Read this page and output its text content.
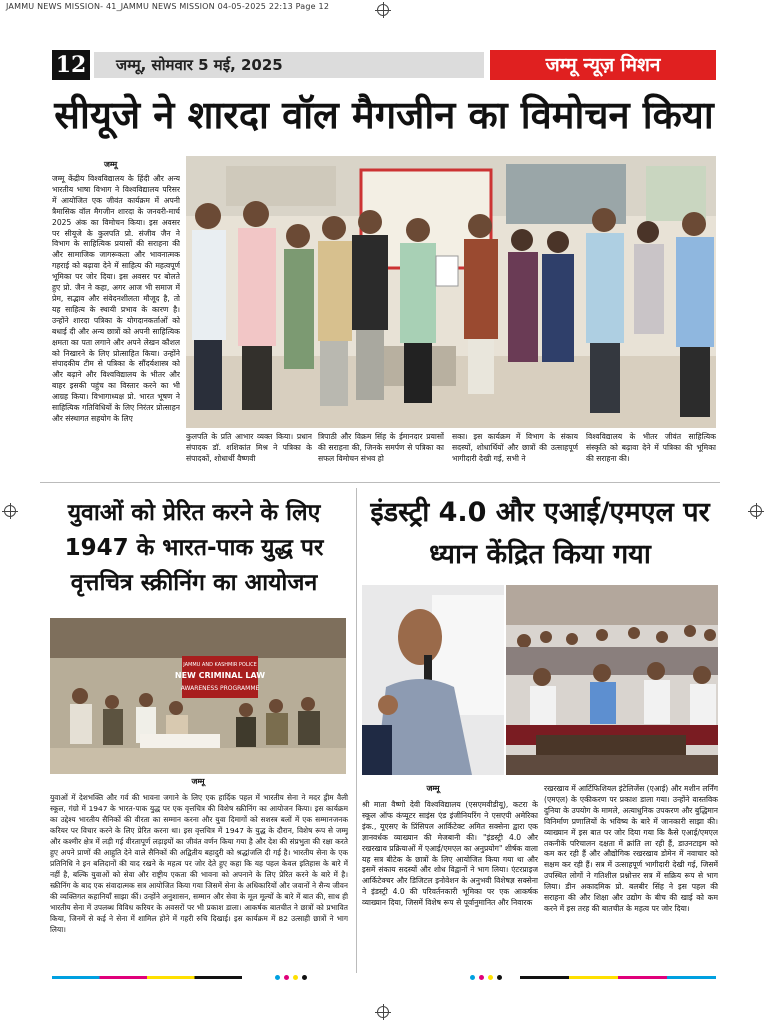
JAMMU NEWS MISSION- 41_JAMMU NEWS MISSION 04-05-2025 22:13 Page 12
12	जम्मू, सोमवार 5 मई, 2025	जम्मू न्यूज़ मिशन
सीयूजे ने शारदा वॉल मैगजीन का विमोचन किया
जम्मू
जम्मू केंद्रीय विश्वविद्यालय के हिंदी और अन्य भारतीय भाषा विभाग ने विश्वविद्यालय परिसर में आयोजित एक जीवंत कार्यक्रम में अपनी त्रैमासिक वॉल मैगजीन शारदा के जनवरी-मार्च 2025 अंक का विमोचन किया। इस अवसर पर सीयूजे के कुलपति प्रो. संजीव जैन ने विभाग के साहित्यिक प्रयासों की सराहना की और सामाजिक जागरूकता और भावनात्मक गहराई को बढ़ावा देने में साहित्य की महत्वपूर्ण भूमिका पर जोर दिया। इस अवसर पर बोलते हुए प्रो. जैन ने कहा, अगर आज भी समाज में प्रेम, सद्भाव और संवेदनशीलता मौजूद है, तो यह साहित्य के स्थायी प्रभाव के कारण है। उन्होंने शारदा पत्रिका के योगदानकर्ताओं को बधाई दी और अन्य छात्रों को अपनी साहित्यिक क्षमता का पता लगाने और अपने लेखन कौशल को निखारने के लिए प्रोत्साहित किया। उन्होंने संपादकीय टीम से पत्रिका के सौंदर्यशास्त्र को और बढ़ाने और विश्वविद्यालय के भीतर और बाहर इसकी पहुंच का विस्तार करने का भी आग्रह किया। विभागाध्यक्ष प्रो. भारत भूषण ने साहित्यिक गतिविधियों के लिए निरंतर प्रोत्साहन और संस्थागत सहयोग के लिए
कुलपति के प्रति आभार व्यक्त किया। प्रधान संपादक डॉ. शशिकांत मिश्र ने पत्रिका के संपादकों, शोधार्थी वैष्णवी
त्रिपाठी और विक्रम सिंह के ईमानदार प्रयासों की सराहना की, जिनके समर्पण से पत्रिका का सफल विमोचन संभव हो
सका। इस कार्यक्रम में विभाग के संकाय सदस्यों, शोधार्थियों और छात्रों की उत्साहपूर्ण भागीदारी देखी गई, सभी ने
विश्वविद्यालय के भीतर जीवंत साहित्यिक संस्कृति को बढ़ावा देने में पत्रिका की भूमिका की सराहना की।
युवाओं को प्रेरित करने के लिए 1947 के भारत-पाक युद्ध पर वृत्तचित्र स्क्रीनिंग का आयोजन
JAMMU AND KASHMIR POLICE
NEW CRIMINAL LAW
AWARENESS PROGRAMME
जम्मू
युवाओं में देशभक्ति और गर्व की भावना जगाने के लिए एक हार्दिक पहल में भारतीय सेना ने मदर ड्रीम वैली स्कूल, गंग्रो में 1947 के भारत-पाक युद्ध पर एक वृत्तचित्र की विशेष स्क्रीनिंग का आयोजन किया। इस कार्यक्रम का उद्देश्य भारतीय सैनिकों की वीरता का सम्मान करना और युवा दिमागों को सशस्त्र बलों में एक सम्मानजनक करियर पर विचार करने के लिए प्रेरित करना था। इस वृत्तचित्र में 1947 के युद्ध के दौरान, विशेष रूप से जम्मू और कश्मीर क्षेत्र में लड़ी गई वीरतापूर्ण लड़ाइयों का जीवंत वर्णन किया गया है और देश की संप्रभुता की रक्षा करते हुए अपने प्राणों की आहुति देने वाले सैनिकों की अद्वितीय बहादुरी को श्रद्धांजलि दी गई है। भारतीय सेना के एक प्रतिनिधि ने इन बलिदानों की याद रखने के महत्व पर जोर देते हुए कहा कि यह पहल केवल इतिहास के बारे में नहीं है, बल्कि युवाओं को सेवा और राष्ट्रीय एकता की भावना को अपनाने के लिए प्रेरित करने के बारे में है। स्क्रीनिंग के बाद एक संवादात्मक सत्र आयोजित किया गया जिसमें सेना के अधिकारियों और जवानों ने सैन्य जीवन की व्यक्तिगत कहानियाँ साझा कीं। उन्होंने अनुशासन, सम्मान और सेवा के मूल मूल्यों के बारे में बात की, साथ ही भारतीय सेना में उपलब्ध विविध करियर के अवसरों पर भी प्रकाश डाला। आकर्षक बातचीत ने छात्रों को प्रभावित किया, जिनमें से कई ने सेना में शामिल होने में गहरी रुचि दिखाई। इस कार्यक्रम में 82 उत्साही छात्रों ने भाग लिया।
इंडस्ट्री 4.0 और एआई/एमएल पर ध्यान केंद्रित किया गया
जम्मू
श्री माता वैष्णो देवी विश्वविद्यालय (एसएमवीडीयू), कटरा के स्कूल ऑफ कंप्यूटर साइंस एंड इंजीनियरिंग ने एसएपी अमेरिका इंक., यूएसए के प्रिंसिपल आर्किटेक्ट अमित सक्सेना द्वारा एक ज्ञानवर्धक व्याख्यान की मेजबानी की। "इंडस्ट्री 4.0 और रखरखाव प्रक्रियाओं में एआई/एमएल का अनुप्रयोग" शीर्षक वाला यह सत्र बीटेक के छात्रों के लिए आयोजित किया गया था और इसमें संकाय सदस्यों और शोध विद्वानों ने भाग लिया। एंटरप्राइज आर्किटेक्चर और डिजिटल इनोवेशन के अनुभवी विशेषज्ञ सक्सेना ने इंडस्ट्री 4.0 की परिवर्तनकारी भूमिका पर एक आकर्षक व्याख्यान दिया, जिसमें विशेष रूप से पूर्वानुमानित और निवारक
रखरखाव में आर्टिफिशियल इंटेलिजेंस (एआई) और मशीन लर्निंग (एमएल) के एकीकरण पर प्रकाश डाला गया। उन्होंने वास्तविक दुनिया के उपयोग के मामले, अत्याधुनिक उपकरण और बुद्धिमान विनिर्माण प्रणालियों के भविष्य के बारे में जानकारी साझा की। व्याख्यान में इस बात पर जोर दिया गया कि कैसे एआई/एमएल तकनीकें परिचालन दक्षता में क्रांति ला रही हैं, डाउनटाइम को कम कर रही हैं और औद्योगिक रखरखाव डोमेन में नवाचार को सक्षम कर रही हैं। सत्र में उत्साहपूर्ण भागीदारी देखी गई, जिसमें उपस्थित लोगों ने गतिशील प्रश्नोत्तर सत्र में सक्रिय रूप से भाग लिया। डीन अकादमिक प्रो. बलबीर सिंह ने इस पहल की सराहना की और शिक्षा और उद्योग के बीच की खाई को कम करने में इस तरह की बातचीत के महत्व पर जोर दिया।
